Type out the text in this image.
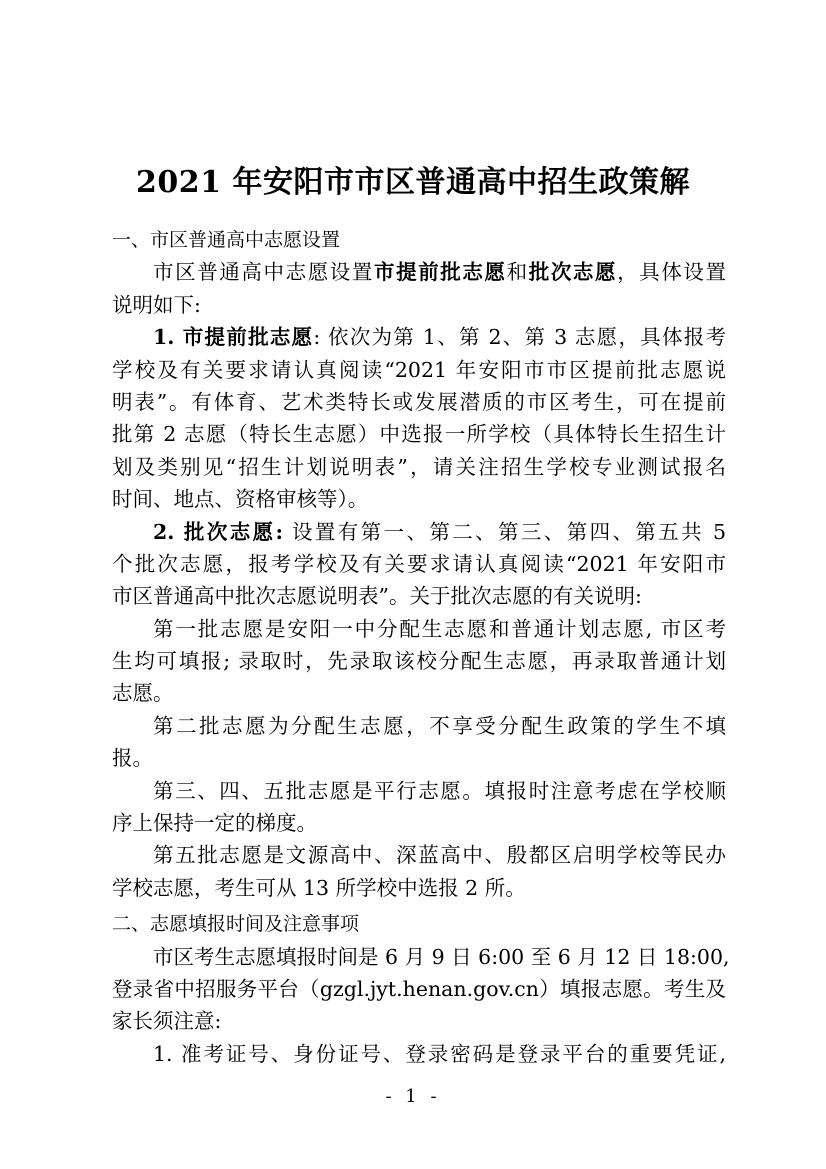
2021 年安阳市市区普通高中招生政策解
一、市区普通高中志愿设置
市区普通高中志愿设置市提前批志愿和批次志愿，具体设置
说明如下:
1. 市提前批志愿: 依次为第 1、第 2、第 3 志愿，具体报考
学校及有关要求请认真阅读“2021 年安阳市市区提前批志愿说
明表”。有体育、艺术类特长或发展潜质的市区考生，可在提前
批第 2 志愿（特长生志愿）中选报一所学校（具体特长生招生计
划及类别见“招生计划说明表”，请关注招生学校专业测试报名
时间、地点、资格审核等）。
2. 批次志愿: 设置有第一、第二、第三、第四、第五共 5
个批次志愿，报考学校及有关要求请认真阅读“2021 年安阳市
市区普通高中批次志愿说明表”。关于批次志愿的有关说明:
第一批志愿是安阳一中分配生志愿和普通计划志愿, 市区考
生均可填报; 录取时，先录取该校分配生志愿，再录取普通计划
志愿。
第二批志愿为分配生志愿，不享受分配生政策的学生不填
报。
第三、四、五批志愿是平行志愿。填报时注意考虑在学校顺
序上保持一定的梯度。
第五批志愿是文源高中、深蓝高中、殷都区启明学校等民办
学校志愿，考生可从 13 所学校中选报 2 所。
二、志愿填报时间及注意事项
市区考生志愿填报时间是 6 月 9 日 6:00 至 6 月 12 日 18:00,
登录省中招服务平台（gzgl.jyt.henan.gov.cn）填报志愿。考生及
家长须注意:
1. 准考证号、身份证号、登录密码是登录平台的重要凭证,
- 1 -
